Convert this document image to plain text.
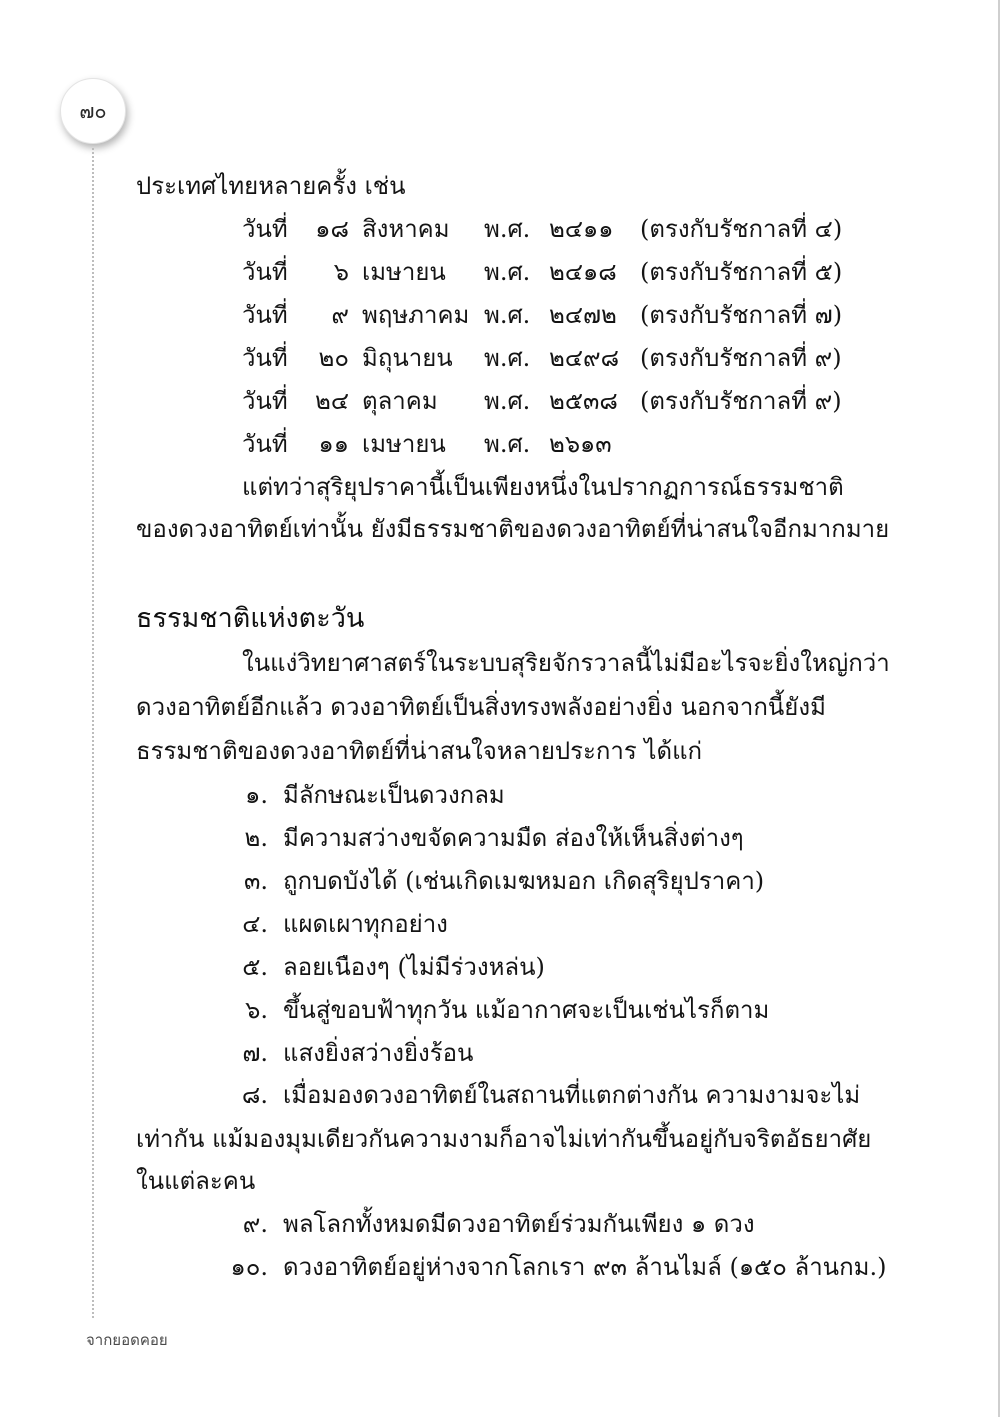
๗๐
ประเทศไทยหลายครั้ง เช่น
วันที่	๑๘ สิงหาคม พ.ศ. ๒๔๑๑ (ตรงกับรัชกาลที่ ๔)
วันที่	๖ เมษายน พ.ศ. ๒๔๑๘ (ตรงกับรัชกาลที่ ๕)
วันที่	๙ พฤษภาคม พ.ศ. ๒๔๗๒ (ตรงกับรัชกาลที่ ๗)
วันที่	๒๐ มิถุนายน พ.ศ. ๒๔๙๘ (ตรงกับรัชกาลที่ ๙)
วันที่	๒๔ ตุลาคม พ.ศ. ๒๕๓๘ (ตรงกับรัชกาลที่ ๙)
วันที่	๑๑ เมษายน พ.ศ. ๒๖๑๓
แต่ทว่าสุริยุปราคานี้เป็นเพียงหนึ่งในปรากฏการณ์ธรรมชาติ
ของดวงอาทิตย์เท่านั้น ยังมีธรรมชาติของดวงอาทิตย์ที่น่าสนใจอีกมากมาย
ธรรมชาติแห่งตะวัน
ในแง่วิทยาศาสตร์ในระบบสุริยจักรวาลนี้ไม่มีอะไรจะยิ่งใหญ่กว่า
ดวงอาทิตย์อีกแล้ว ดวงอาทิตย์เป็นสิ่งทรงพลังอย่างยิ่ง นอกจากนี้ยังมี
ธรรมชาติของดวงอาทิตย์ที่น่าสนใจหลายประการ ได้แก่
๑. มีลักษณะเป็นดวงกลม
๒. มีความสว่างขจัดความมืด ส่องให้เห็นสิ่งต่างๆ
๓. ถูกบดบังได้ (เช่นเกิดเมฆหมอก เกิดสุริยุปราคา)
๔. แผดเผาทุกอย่าง
๕. ลอยเนืองๆ (ไม่มีร่วงหล่น)
๖. ขึ้นสู่ขอบฟ้าทุกวัน แม้อากาศจะเป็นเช่นไรก็ตาม
๗. แสงยิ่งสว่างยิ่งร้อน
๘. เมื่อมองดวงอาทิตย์ในสถานที่แตกต่างกัน ความงามจะไม่
เท่ากัน แม้มองมุมเดียวกันความงามก็อาจไม่เท่ากันขึ้นอยู่กับจริตอัธยาศัย
ในแต่ละคน
๙. พลโลกทั้งหมดมีดวงอาทิตย์ร่วมกันเพียง ๑ ดวง
๑๐. ดวงอาทิตย์อยู่ห่างจากโลกเรา ๙๓ ล้านไมล์ (๑๕๐ ล้านกม.)
จากยอดคอย
